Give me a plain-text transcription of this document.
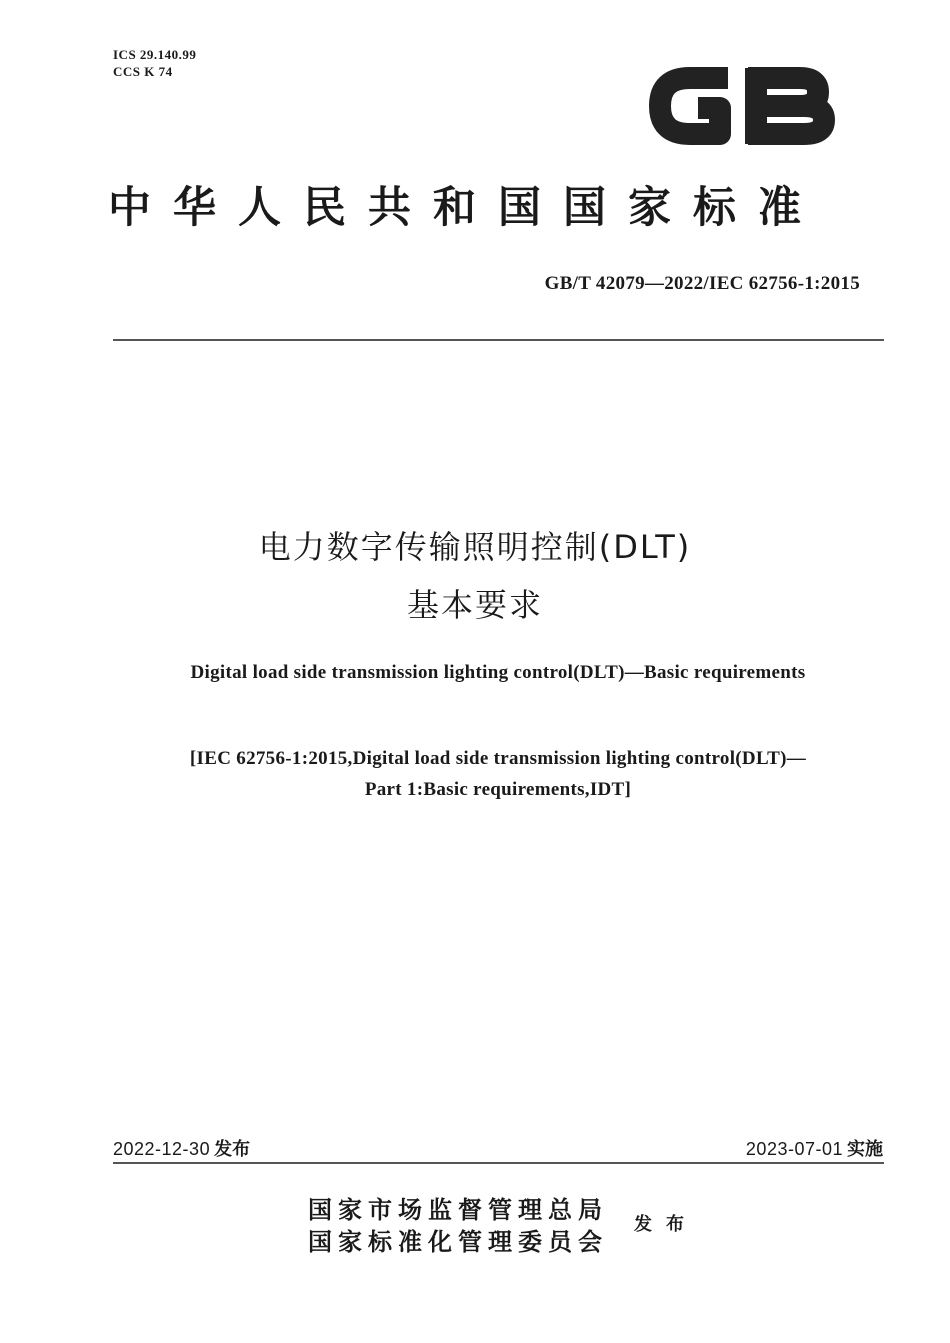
ICS 29.140.99
CCS K 74
GB
中华人民共和国国家标准
GB/T 42079—2022/IEC 62756-1:2015
电力数字传输照明控制(DLT)
基本要求
Digital load side transmission lighting control(DLT)—Basic requirements
[IEC 62756-1:2015,Digital load side transmission lighting control(DLT)—
Part 1:Basic requirements,IDT]
2022-12-30 发布	2023-07-01 实施
国家市场监督管理总局
国家标准化管理委员会
发布
